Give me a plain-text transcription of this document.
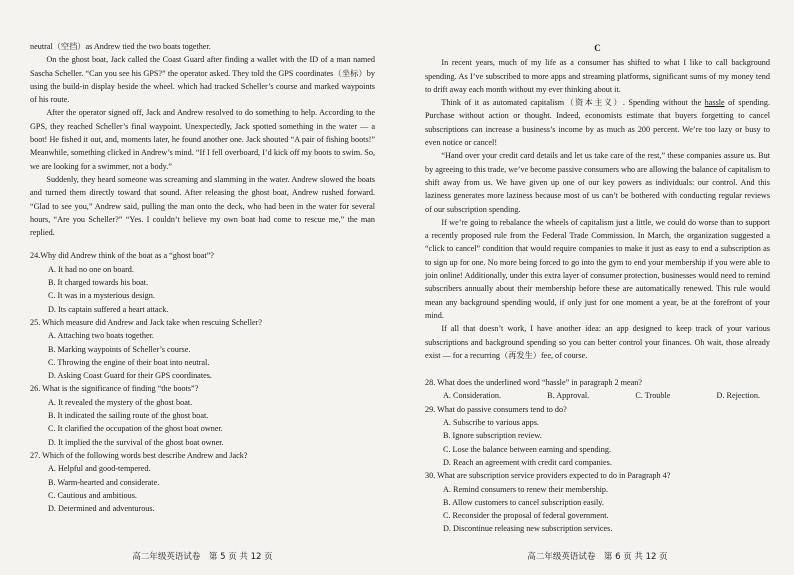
neutral（空挡）as Andrew tied the two boats together.

On the ghost boat, Jack called the Coast Guard after finding a wallet with the ID of a man named Sascha Scheller. “Can you see his GPS?” the operator asked. They told the GPS coordinates（坐标）by using the build-in display beside the wheel. which had tracked Scheller’s course and marked waypoints of his route.

After the operator signed off, Jack and Andrew resolved to do something to help. According to the GPS, they reached Scheller’s final waypoint. Unexpectedly, Jack spotted something in the water — a boot! He fished it out, and, moments later, he found another one. Jack shouted “A pair of fishing boots!” Meanwhile, something clicked in Andrew’s mind. “If I fell overboard, I’d kick off my boots to swim. So, we are looking for a swimmer, not a body.”

Suddenly, they heard someone was screaming and slamming in the water. Andrew slowed the boats and turned them directly toward that sound. After releasing the ghost boat, Andrew rushed forward. “Glad to see you,” Andrew said, pulling the man onto the deck, who had been in the water for several hours, “Are you Scheller?” “Yes. I couldn’t believe my own boat had come to rescue me,” the man replied.

24.Why did Andrew think of the boat as a “ghost boat”?

A. It had no one on board.

B. It charged towards his boat.

C. It was in a mysterious design.

D. Its captain suffered a heart attack.

25. Which measure did Andrew and Jack take when rescuing Scheller?

A. Attaching two boats together.

B. Marking waypoints of Scheller’s course.

C. Throwing the engine of their boat into neutral.

D. Asking Coast Guard for their GPS coordinates.

26. What is the significance of finding “the boots”?

A. It revealed the mystery of the ghost boat.

B. It indicated the sailing route of the ghost boat.

C. It clarified the occupation of the ghost boat owner.

D. It implied the the survival of the ghost boat owner.

27. Which of the following words best describe Andrew and Jack?

A. Helpful and good-tempered.

B. Warm-hearted and considerate.

C. Cautious and ambitious.

D. Determined and adventurous.

高二年级英语试卷　第 5 页 共 12 页
C

In recent years, much of my life as a consumer has shifted to what I like to call background spending. As I’ve subscribed to more apps and streaming platforms, significant sums of my money tend to drift away each month without my ever thinking about it.

Think of it as automated capitalism（资本主义）. Spending without the hassle of spending. Purchase without action or thought. Indeed, economists estimate that buyers forgetting to cancel subscriptions can increase a business’s income by as much as 200 percent. We’re too lazy or busy to even notice or cancel!

“Hand over your credit card details and let us take care of the rest,” these companies assure us. But by agreeing to this trade, we’ve become passive consumers who are allowing the balance of capitalism to shift away from us. We have given up one of our key powers as individuals: our control. And this laziness generates more laziness because most of us can’t be bothered with conducting regular reviews of our subscription spending.

If we’re going to rebalance the wheels of capitalism just a little, we could do worse than to support a recently proposed rule from the Federal Trade Commission. In March, the organization suggested a “click to cancel” condition that would require companies to make it just as easy to end a subscription as to sign up for one. No more being forced to go into the gym to end your membership if you were able to join online! Additionally, under this extra layer of consumer protection, businesses would need to remind subscribers annually about their membership before these are automatically renewed. This rule would mean any background spending would, if only just for one moment a year, be at the forefront of your mind.

If all that doesn’t work, I have another idea: an app designed to keep track of your various subscriptions and background spending so you can better control your finances. Oh wait, those already exist — for a recurring（再发生）fee, of course.

28. What does the underlined word “hassle” in paragraph 2 mean?

A. Consideration.	B. Approval.	C. Trouble	D. Rejection.

29. What do passive consumers tend to do?

A. Subscribe to various apps.

B. Ignore subscription review.

C. Lose the balance between earning and spending.

D. Reach an agreement with credit card companies.

30. What are subscription service providers expected to do in Paragraph 4?

A. Remind consumers to renew their membership.

B. Allow customers to cancel subscription easily.

C. Reconsider the proposal of federal government.

D. Discontinue releasing new subscription services.

高二年级英语试卷　第 6 页 共 12 页
